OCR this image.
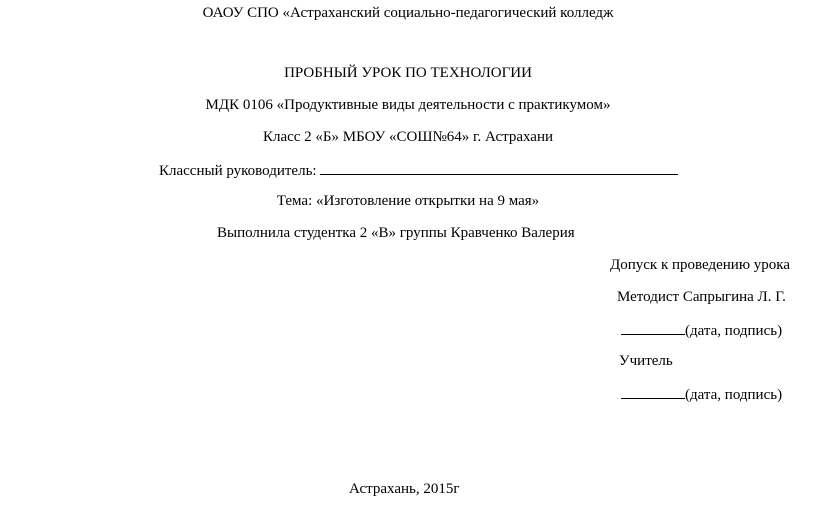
ОАОУ СПО «Астраханский социально-педагогический колледж
ПРОБНЫЙ УРОК ПО ТЕХНОЛОГИИ
МДК 0106 «Продуктивные виды деятельности с практикумом»
Класс 2 «Б» МБОУ «СОШ№64» г. Астрахани
Классный руководитель:
Тема: «Изготовление открытки на 9 мая»
Выполнила студентка 2 «В» группы Кравченко Валерия
Допуск к проведению урока
Методист Сапрыгина Л. Г.
(дата, подпись)
Учитель
(дата, подпись)
Астрахань, 2015г
